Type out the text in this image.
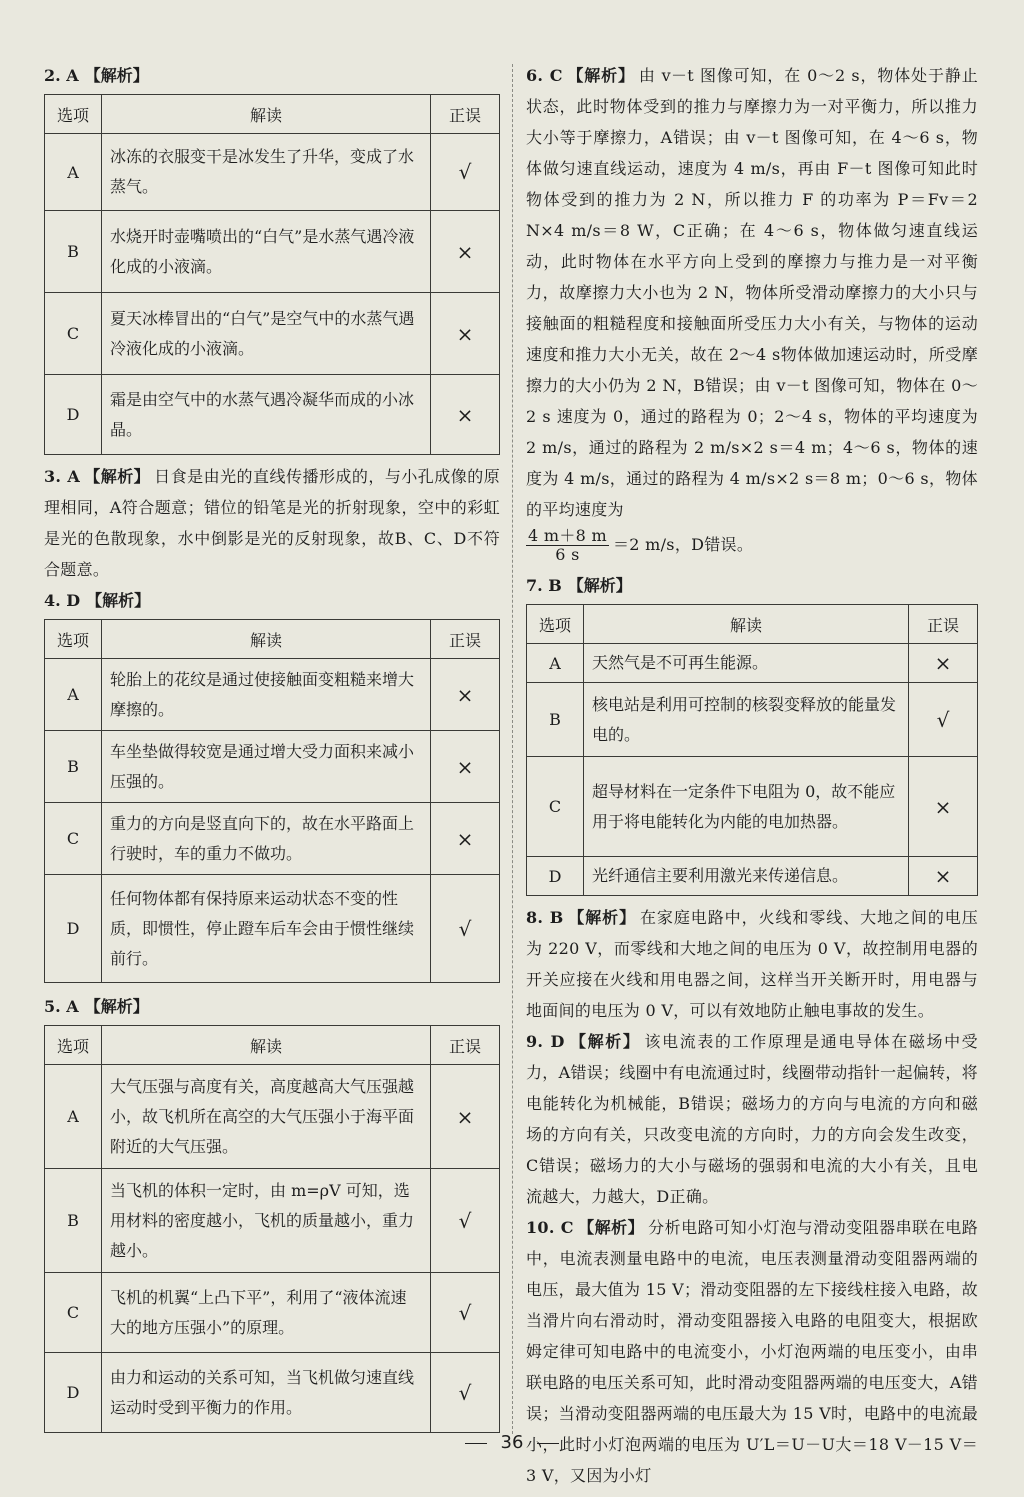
2. A 【解析】

选项	解读	正误
A	冰冻的衣服变干是冰发生了升华，变成了水蒸气。	√
B	水烧开时壶嘴喷出的“白气”是水蒸气遇冷液化成的小液滴。	×
C	夏天冰棒冒出的“白气”是空气中的水蒸气遇冷液化成的小液滴。	×
D	霜是由空气中的水蒸气遇冷凝华而成的小冰晶。	×

3. A 【解析】 日食是由光的直线传播形成的，与小孔成像的原理相同，A符合题意；错位的铅笔是光的折射现象，空中的彩虹是光的色散现象，水中倒影是光的反射现象，故B、C、D不符合题意。

4. D 【解析】

选项	解读	正误
A	轮胎上的花纹是通过使接触面变粗糙来增大摩擦的。	×
B	车坐垫做得较宽是通过增大受力面积来减小压强的。	×
C	重力的方向是竖直向下的，故在水平路面上行驶时，车的重力不做功。	×
D	任何物体都有保持原来运动状态不变的性质，即惯性，停止蹬车后车会由于惯性继续前行。	√

5. A 【解析】

选项	解读	正误
A	大气压强与高度有关，高度越高大气压强越小，故飞机所在高空的大气压强小于海平面附近的大气压强。	×
B	当飞机的体积一定时，由 m=ρV 可知，选用材料的密度越小，飞机的质量越小，重力越小。	√
C	飞机的机翼“上凸下平”，利用了“液体流速大的地方压强小”的原理。	√
D	由力和运动的关系可知，当飞机做匀速直线运动时受到平衡力的作用。	√

6. C 【解析】 由 v－t 图像可知，在 0～2 s，物体处于静止状态，此时物体受到的推力与摩擦力为一对平衡力，所以推力大小等于摩擦力，A错误；由 v－t 图像可知，在 4～6 s，物体做匀速直线运动，速度为 4 m/s，再由 F－t 图像可知此时物体受到的推力为 2 N，所以推力 F 的功率为 P＝Fv＝2 N×4 m/s＝8 W，C正确；在 4～6 s，物体做匀速直线运动，此时物体在水平方向上受到的摩擦力与推力是一对平衡力，故摩擦力大小也为 2 N，物体所受滑动摩擦力的大小只与接触面的粗糙程度和接触面所受压力大小有关，与物体的运动速度和推力大小无关，故在 2～4 s物体做加速运动时，所受摩擦力的大小仍为 2 N，B错误；由 v－t 图像可知，物体在 0～2 s 速度为 0，通过的路程为 0；2～4 s，物体的平均速度为 2 m/s，通过的路程为 2 m/s×2 s＝4 m；4～6 s，物体的速度为 4 m/s，通过的路程为 4 m/s×2 s＝8 m；0～6 s，物体的平均速度为

$\frac{4 m+8 m}{6 s} =2$ m/s，D错误。

7. B 【解析】

选项	解读	正误
A	天然气是不可再生能源。	×
B	核电站是利用可控制的核裂变释放的能量发电的。	√
C	超导材料在一定条件下电阻为 0，故不能应用于将电能转化为内能的电加热器。	×
D	光纤通信主要利用激光来传递信息。	×

8. B 【解析】 在家庭电路中，火线和零线、大地之间的电压为 220 V，而零线和大地之间的电压为 0 V，故控制用电器的开关应接在火线和用电器之间，这样当开关断开时，用电器与地面间的电压为 0 V，可以有效地防止触电事故的发生。

9. D 【解析】 该电流表的工作原理是通电导体在磁场中受力，A错误；线圈中有电流通过时，线圈带动指针一起偏转，将电能转化为机械能，B错误；磁场力的方向与电流的方向和磁场的方向有关，只改变电流的方向时，力的方向会发生改变，C错误；磁场力的大小与磁场的强弱和电流的大小有关，且电流越大，力越大，D正确。

10. C 【解析】 分析电路可知小灯泡与滑动变阻器串联在电路中，电流表测量电路中的电流，电压表测量滑动变阻器两端的电压，最大值为 15 V；滑动变阻器的左下接线柱接入电路，故当滑片向右滑动时，滑动变阻器接入电路的电阻变大，根据欧姆定律可知电路中的电流变小，小灯泡两端的电压变小，由串联电路的电压关系可知，此时滑动变阻器两端的电压变大，A错误；当滑动变阻器两端的电压最大为 15 V时，电路中的电流最小，此时小灯泡两端的电压为 U′L＝U－U大＝18 V－15 V＝3 V，又因为小灯

36
